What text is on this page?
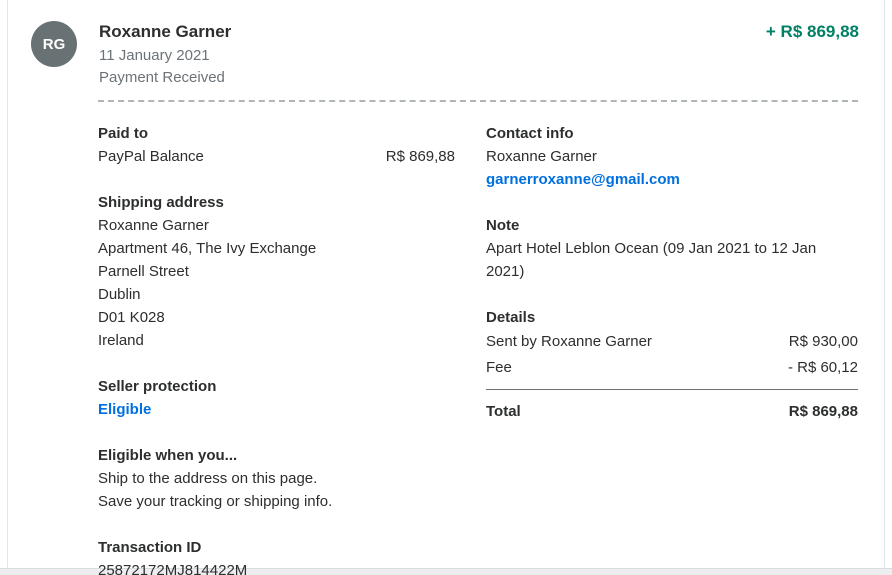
RG
Roxanne Garner
11 January 2021
Payment Received
+ R$ 869,88
Paid to
PayPal Balance	R$ 869,88
Shipping address
Roxanne Garner
Apartment 46, The Ivy Exchange
Parnell Street
Dublin
D01 K028
Ireland
Seller protection
Eligible
Eligible when you...
Ship to the address on this page.
Save your tracking or shipping info.
Transaction ID
25872172MJ814422M
Contact info
Roxanne Garner
garnerroxanne@gmail.com
Note
Apart Hotel Leblon Ocean (09 Jan 2021 to 12 Jan 2021)
Details
Sent by Roxanne Garner	R$ 930,00
Fee	- R$ 60,12
Total	R$ 869,88
